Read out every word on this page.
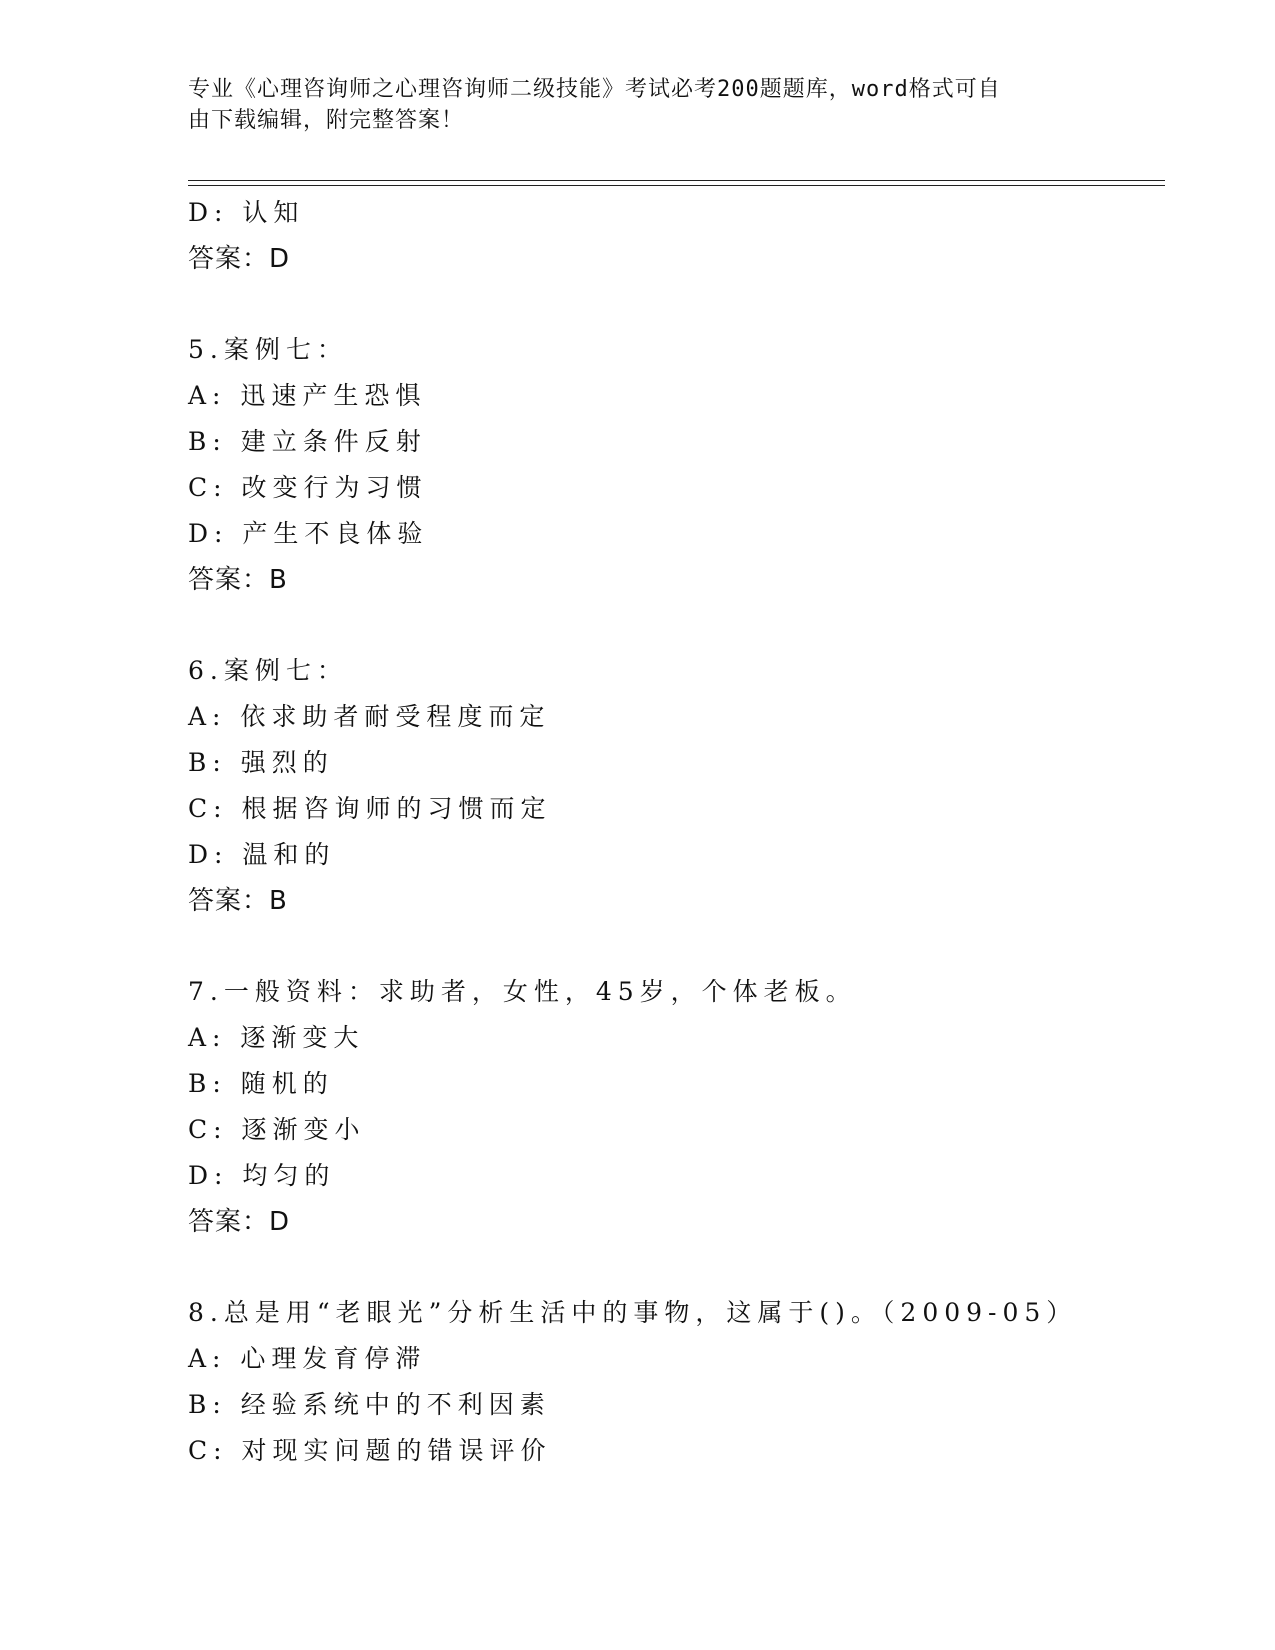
专业《心理咨询师之心理咨询师二级技能》考试必考200题题库，word格式可自
由下载编辑，附完整答案！
D: 认知
答案：D
5.案例七：
A: 迅速产生恐惧
B: 建立条件反射
C: 改变行为习惯
D: 产生不良体验
答案：B
6.案例七：
A: 依求助者耐受程度而定
B: 强烈的
C: 根据咨询师的习惯而定
D: 温和的
答案：B
7.一般资料：求助者，女性，45岁，个体老板。
A: 逐渐变大
B: 随机的
C: 逐渐变小
D: 均匀的
答案：D
8.总是用“老眼光”分析生活中的事物，这属于()。（2009-05）
A: 心理发育停滞
B: 经验系统中的不利因素
C: 对现实问题的错误评价
